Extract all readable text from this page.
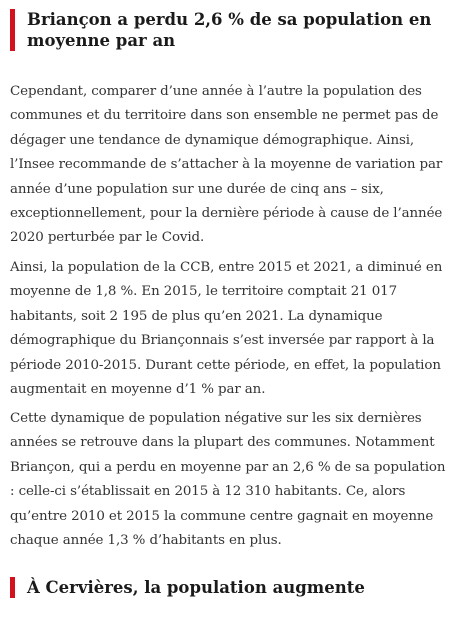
Briançon a perdu 2,6 % de sa population en moyenne par an

Cependant, comparer d’une année à l’autre la population des communes et du territoire dans son ensemble ne permet pas de dégager une tendance de dynamique démographique. Ainsi, l’Insee recommande de s’attacher à la moyenne de variation par année d’une population sur une durée de cinq ans – six, exceptionnellement, pour la dernière période à cause de l’année 2020 perturbée par le Covid.

Ainsi, la population de la CCB, entre 2015 et 2021, a diminué en moyenne de 1,8 %. En 2015, le territoire comptait 21 017 habitants, soit 2 195 de plus qu’en 2021. La dynamique démographique du Briançonnais s’est inversée par rapport à la période 2010-2015. Durant cette période, en effet, la population augmentait en moyenne d’1 % par an.

Cette dynamique de population négative sur les six dernières années se retrouve dans la plupart des communes. Notamment Briançon, qui a perdu en moyenne par an 2,6 % de sa population : celle-ci s’établissait en 2015 à 12 310 habitants. Ce, alors qu’entre 2010 et 2015 la commune centre gagnait en moyenne chaque année 1,3 % d’habitants en plus.

À Cervières, la population augmente
